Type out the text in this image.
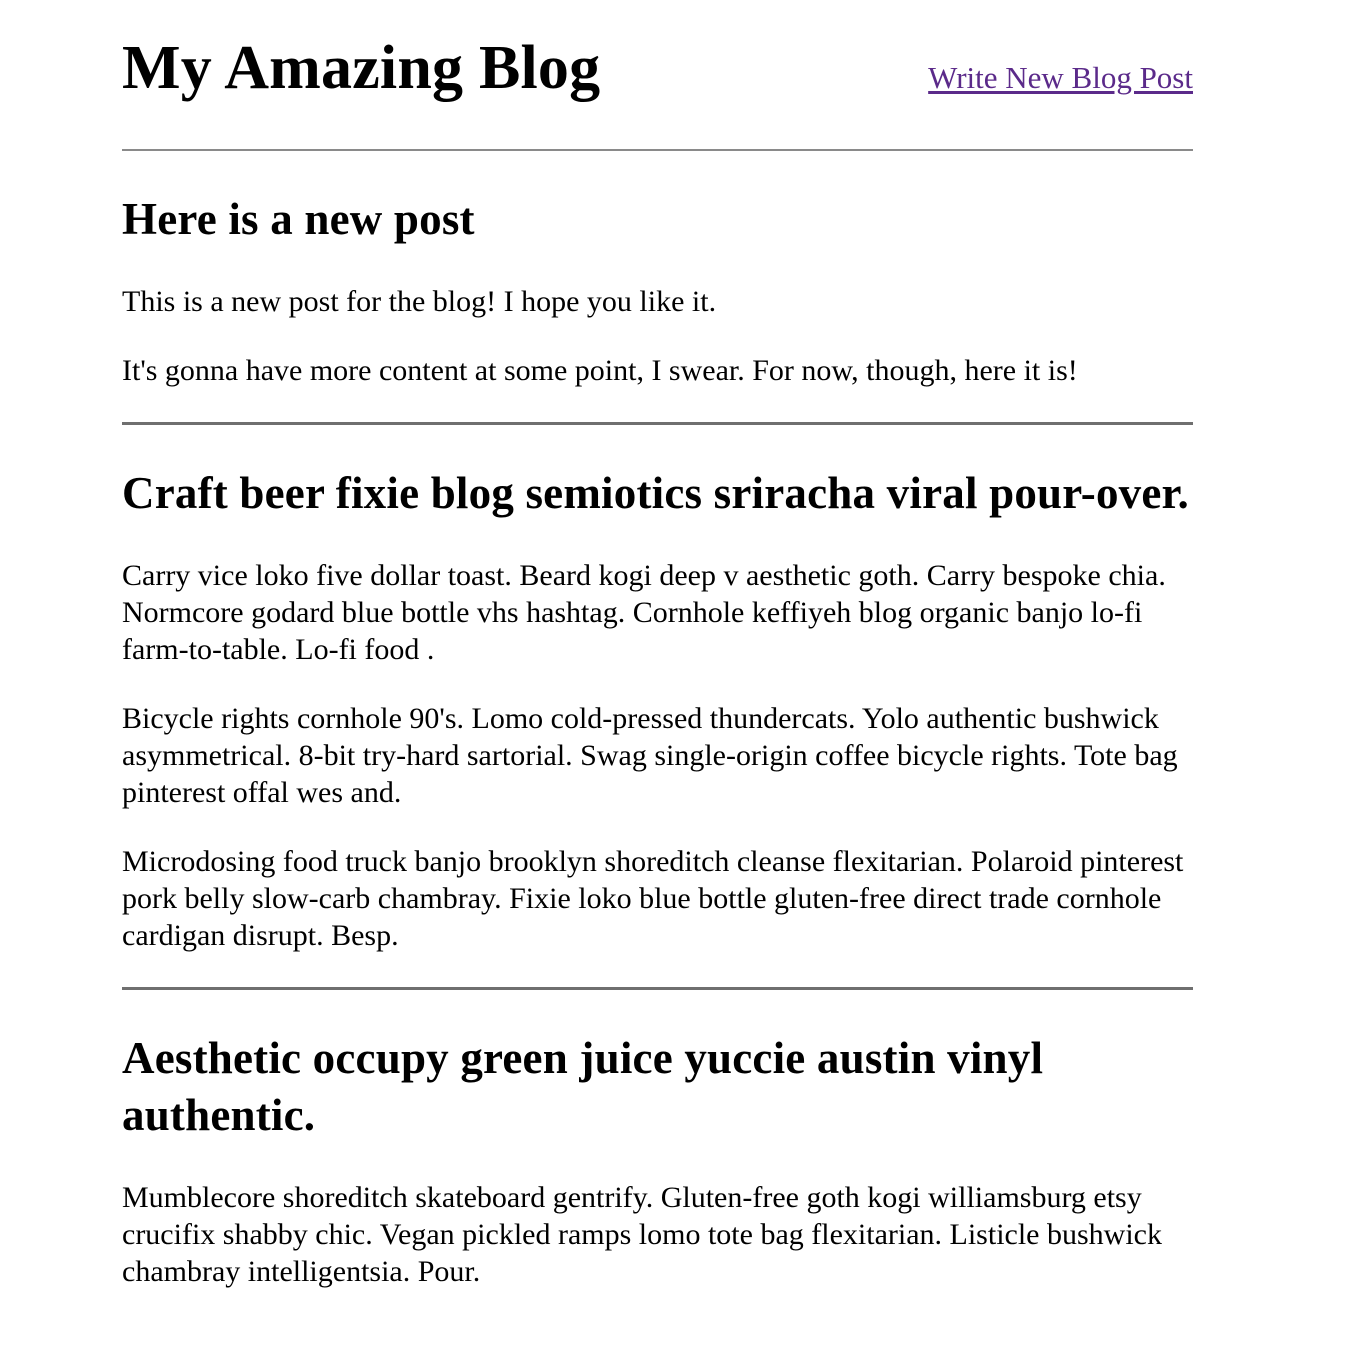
My Amazing Blog	Write New Blog Post
Here is a new post

This is a new post for the blog! I hope you like it.

It's gonna have more content at some point, I swear. For now, though, here it is!

Craft beer fixie blog semiotics sriracha viral pour-over.

Carry vice loko five dollar toast. Beard kogi deep v aesthetic goth. Carry bespoke chia. Normcore godard blue bottle vhs hashtag. Cornhole keffiyeh blog organic banjo lo-fi farm-to-table. Lo-fi food .

Bicycle rights cornhole 90's. Lomo cold-pressed thundercats. Yolo authentic bushwick asymmetrical. 8-bit try-hard sartorial. Swag single-origin coffee bicycle rights. Tote bag pinterest offal wes and.

Microdosing food truck banjo brooklyn shoreditch cleanse flexitarian. Polaroid pinterest pork belly slow-carb chambray. Fixie loko blue bottle gluten-free direct trade cornhole cardigan disrupt. Besp.

Aesthetic occupy green juice yuccie austin vinyl authentic.

Mumblecore shoreditch skateboard gentrify. Gluten-free goth kogi williamsburg etsy crucifix shabby chic. Vegan pickled ramps lomo tote bag flexitarian. Listicle bushwick chambray intelligentsia. Pour.
